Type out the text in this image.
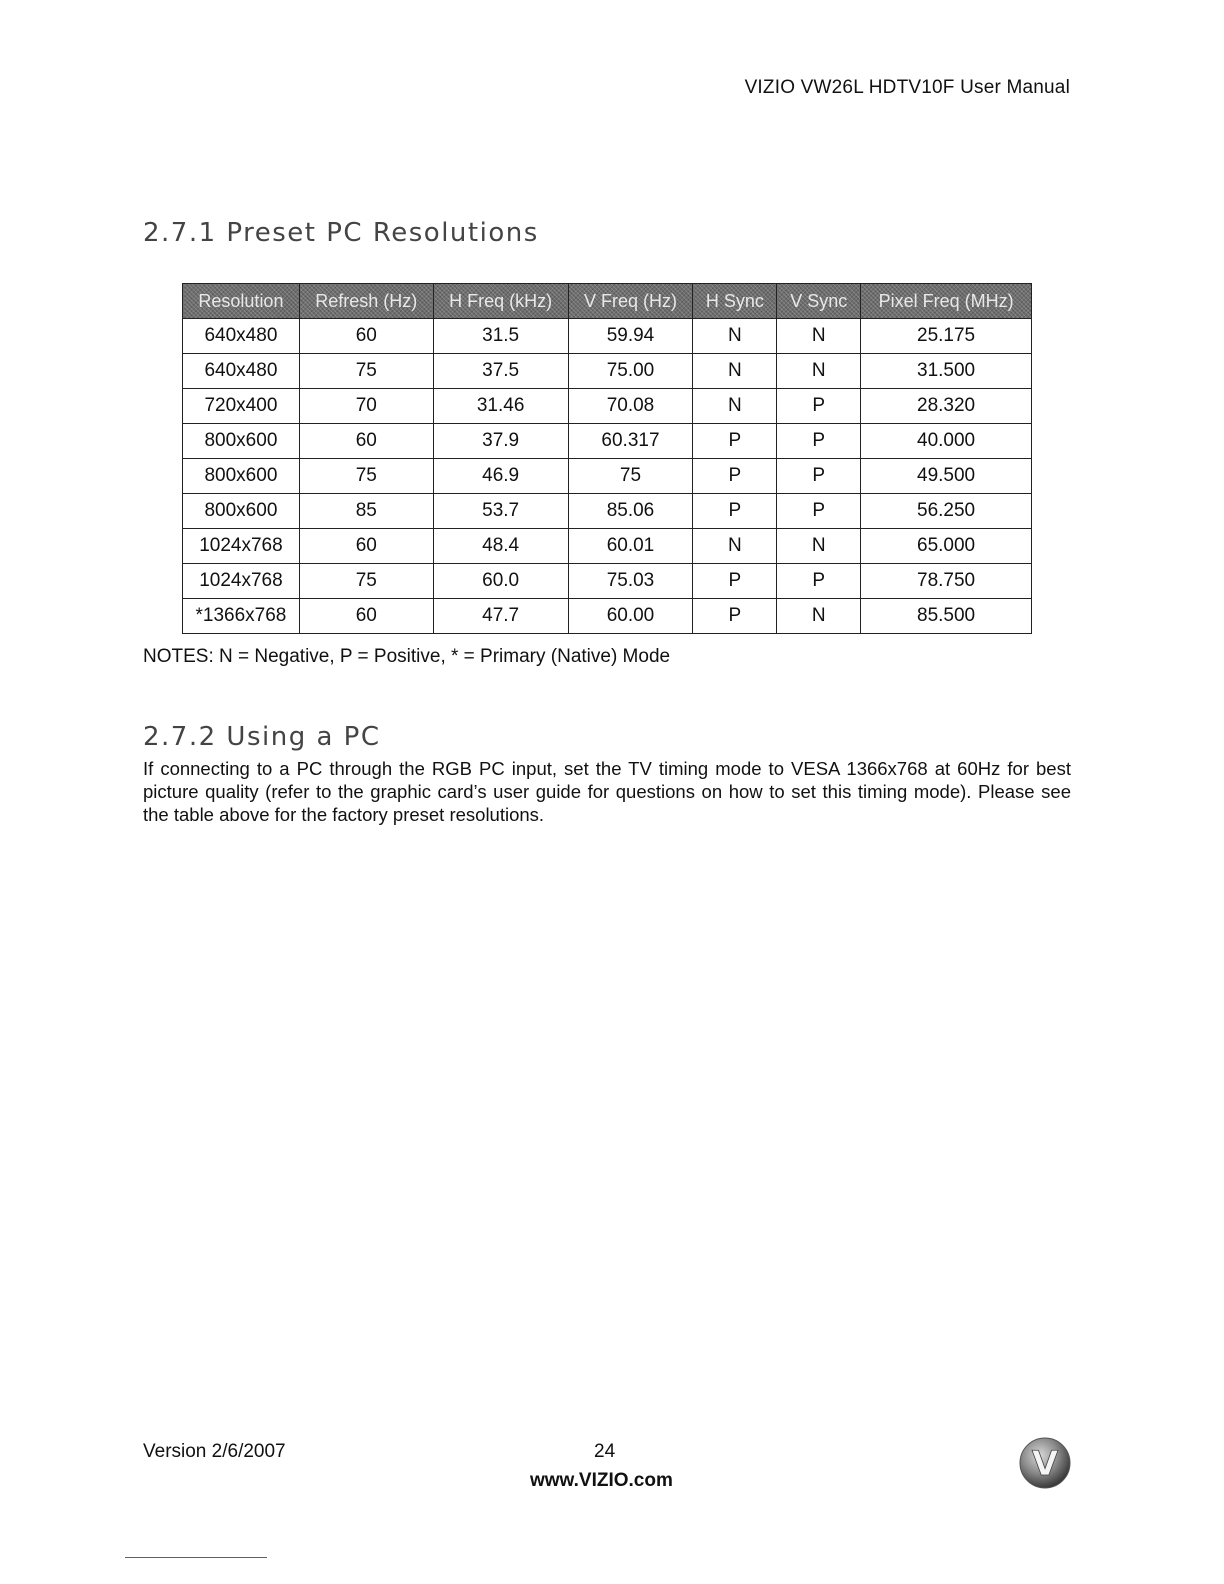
VIZIO VW26L HDTV10F User Manual
2.7.1 Preset PC Resolutions
Resolution	Refresh (Hz)	H Freq (kHz)	V Freq (Hz)	H Sync	V Sync	Pixel Freq (MHz)
640x480	60	31.5	59.94	N	N	25.175
640x480	75	37.5	75.00	N	N	31.500
720x400	70	31.46	70.08	N	P	28.320
800x600	60	37.9	60.317	P	P	40.000
800x600	75	46.9	75	P	P	49.500
800x600	85	53.7	85.06	P	P	56.250
1024x768	60	48.4	60.01	N	N	65.000
1024x768	75	60.0	75.03	P	P	78.750
*1366x768	60	47.7	60.00	P	N	85.500
NOTES: N = Negative, P = Positive, * = Primary (Native) Mode
2.7.2 Using a PC

If connecting to a PC through the RGB PC input, set the TV timing mode to VESA 1366x768 at 60Hz for best picture quality (refer to the graphic card’s user guide for questions on how to set this timing mode). Please see the table above for the factory preset resolutions.

Version 2/6/2007	24
www.VIZIO.com	V
